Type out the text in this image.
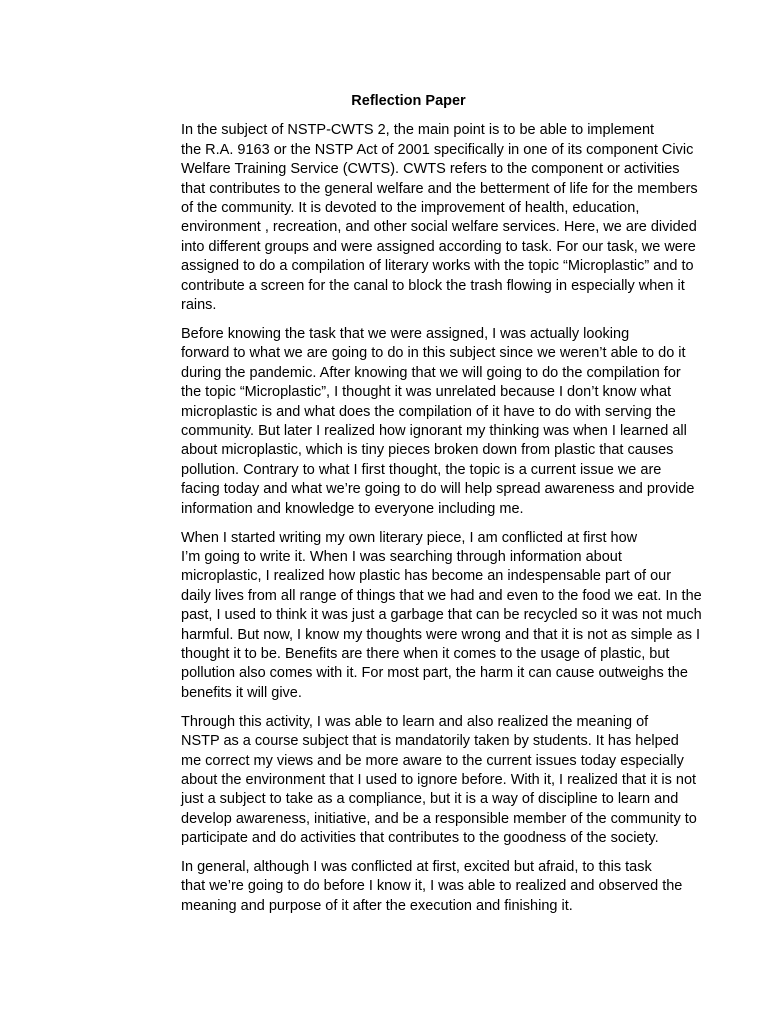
Reflection Paper
In the subject of NSTP-CWTS 2, the main point is to be able to implement
the R.A. 9163 or the NSTP Act of 2001 specifically in one of its component Civic
Welfare Training Service (CWTS). CWTS refers to the component or activities
that contributes to the general welfare and the betterment of life for the members
of the community. It is devoted to the improvement of health, education,
environment , recreation, and other social welfare services. Here, we are divided
into different groups and were assigned according to task. For our task, we were
assigned to do a compilation of literary works with the topic “Microplastic” and to
contribute a screen for the canal to block the trash flowing in especially when it
rains.
Before knowing the task that we were assigned, I was actually looking
forward to what we are going to do in this subject since we weren’t able to do it
during the pandemic. After knowing that we will going to do the compilation for
the topic “Microplastic”, I thought it was unrelated because I don’t know what
microplastic is and what does the compilation of it have to do with serving the
community. But later I realized how ignorant my thinking was when I learned all
about microplastic, which is tiny pieces broken down from plastic that causes
pollution. Contrary to what I first thought, the topic is a current issue we are
facing today and what we’re going to do will help spread awareness and provide
information and knowledge to everyone including me.
When I started writing my own literary piece, I am conflicted at first how
I’m going to write it. When I was searching through information about
microplastic, I realized how plastic has become an indespensable part of our
daily lives from all range of things that we had and even to the food we eat. In the
past, I used to think it was just a garbage that can be recycled so it was not much
harmful. But now, I know my thoughts were wrong and that it is not as simple as I
thought it to be. Benefits are there when it comes to the usage of plastic, but
pollution also comes with it. For most part, the harm it can cause outweighs the
benefits it will give.
Through this activity, I was able to learn and also realized the meaning of
NSTP as a course subject that is mandatorily taken by students. It has helped
me correct my views and be more aware to the current issues today especially
about the environment that I used to ignore before. With it, I realized that it is not
just a subject to take as a compliance, but it is a way of discipline to learn and
develop awareness, initiative, and be a responsible member of the community to
participate and do activities that contributes to the goodness of the society.
In general, although I was conflicted at first, excited but afraid, to this task
that we’re going to do before I know it, I was able to realized and observed the
meaning and purpose of it after the execution and finishing it.
